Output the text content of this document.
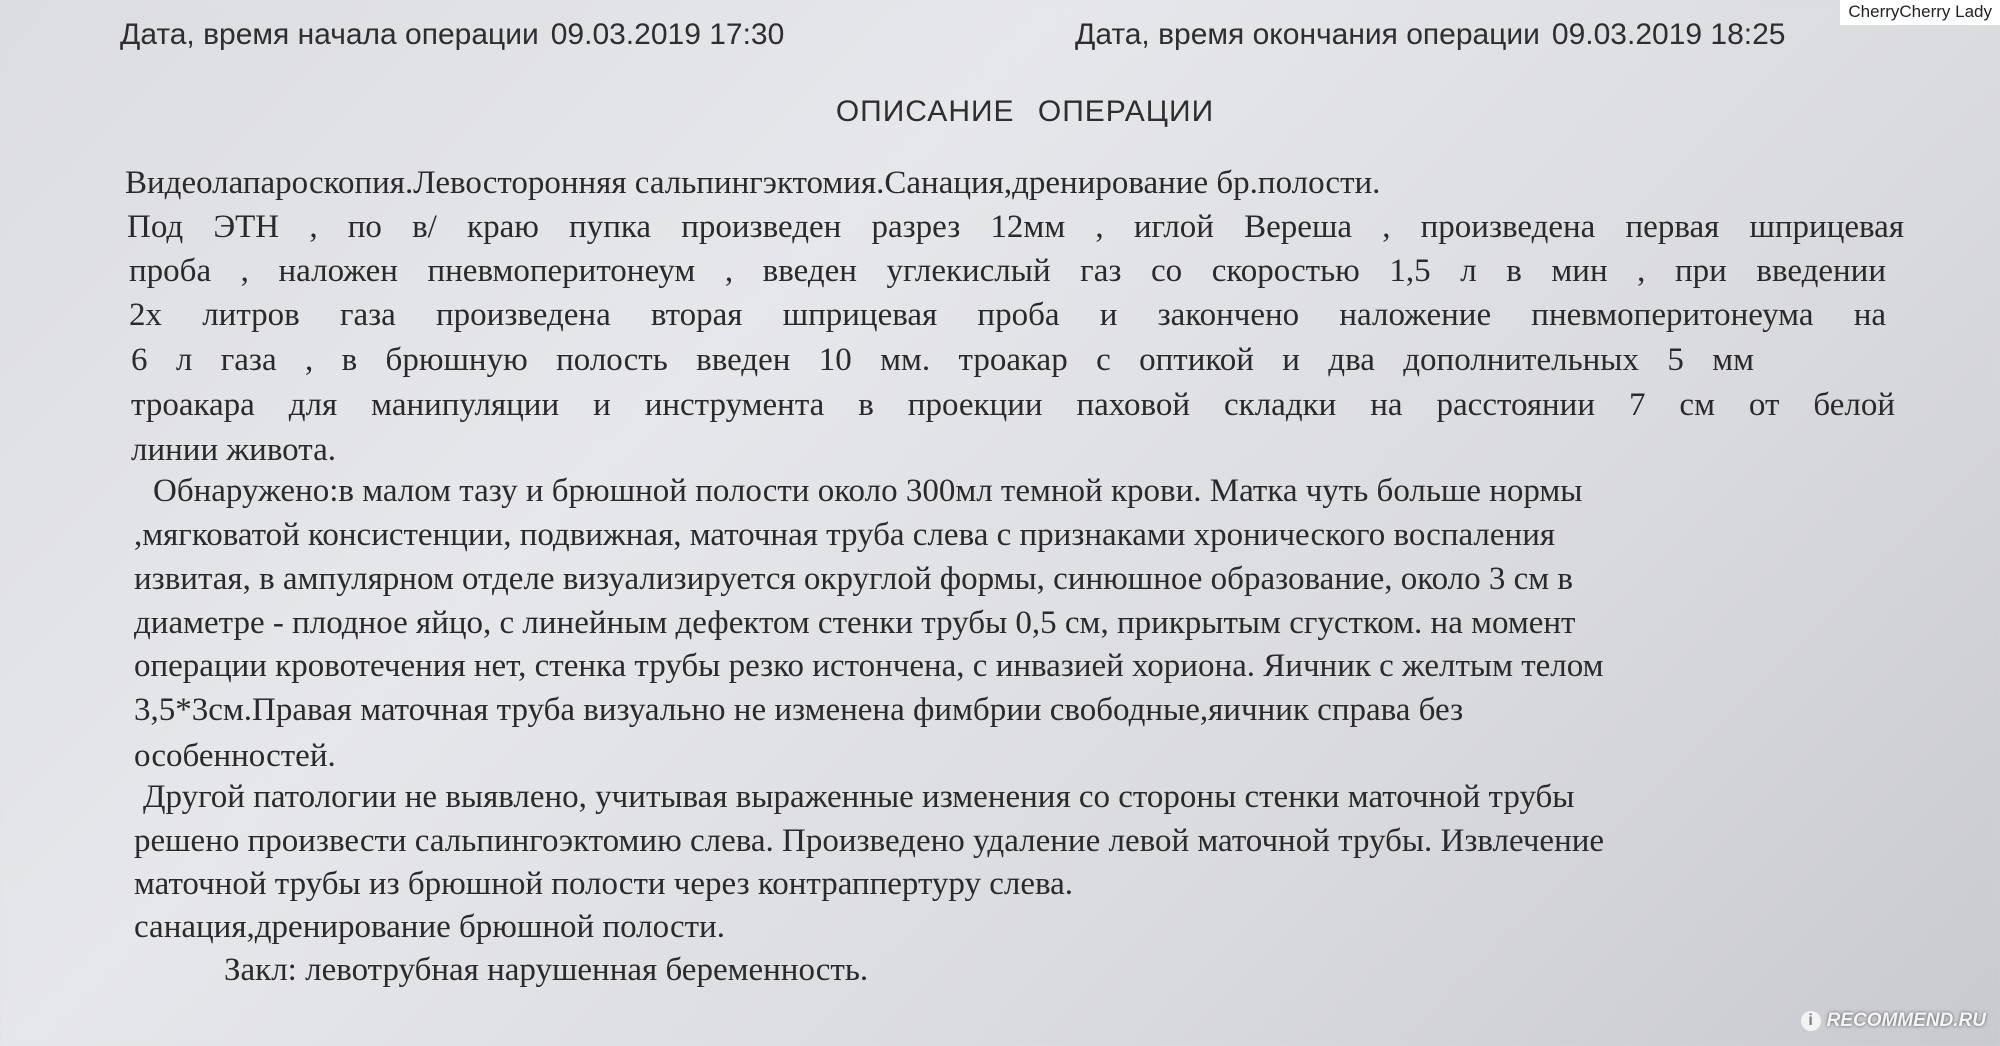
Дата, время начала операции 09.03.2019 17:30	Дата, время окончания операции 09.03.2019 18:25
ОПИСАНИЕ ОПЕРАЦИИ
Видеолапароскопия.Левосторонняя сальпингэктомия.Санация,дренирование бр.полости.
Под ЭТН , по в/ краю пупка произведен разрез 12мм , иглой Вереша , произведена первая шприцевая
проба , наложен пневмоперитонеум , введен углекислый газ со скоростью 1,5 л в мин , при введении
2х литров газа произведена вторая шприцевая проба и закончено наложение пневмоперитонеума на
6 л газа , в брюшную полость введен 10 мм. троакар с оптикой и два дополнительных 5 мм
троакара для манипуляции и инструмента в проекции паховой складки на расстоянии 7 см от белой
линии живота.
Обнаружено:в малом тазу и брюшной полости около 300мл темной крови. Матка чуть больше нормы
,мягковатой консистенции, подвижная, маточная труба слева с признаками хронического воспаления
извитая, в ампулярном отделе визуализируется округлой формы, синюшное образование, около 3 см в
диаметре - плодное яйцо, с линейным дефектом стенки трубы 0,5 см, прикрытым сгустком. на момент
операции кровотечения нет, стенка трубы резко истончена, с инвазией хориона. Яичник с желтым телом
3,5*3см.Правая маточная труба визуально не изменена фимбрии свободные,яичник справа без
особенностей.
Другой патологии не выявлено, учитывая выраженные изменения со стороны стенки маточной трубы
решено произвести сальпингоэктомию слева. Произведено удаление левой маточной трубы. Извлечение
маточной трубы из брюшной полости через контраппертуру слева.
санация,дренирование брюшной полости.
Закл: левотрубная нарушенная беременность.
CherryCherry Lady
i RECOMMEND.RU
